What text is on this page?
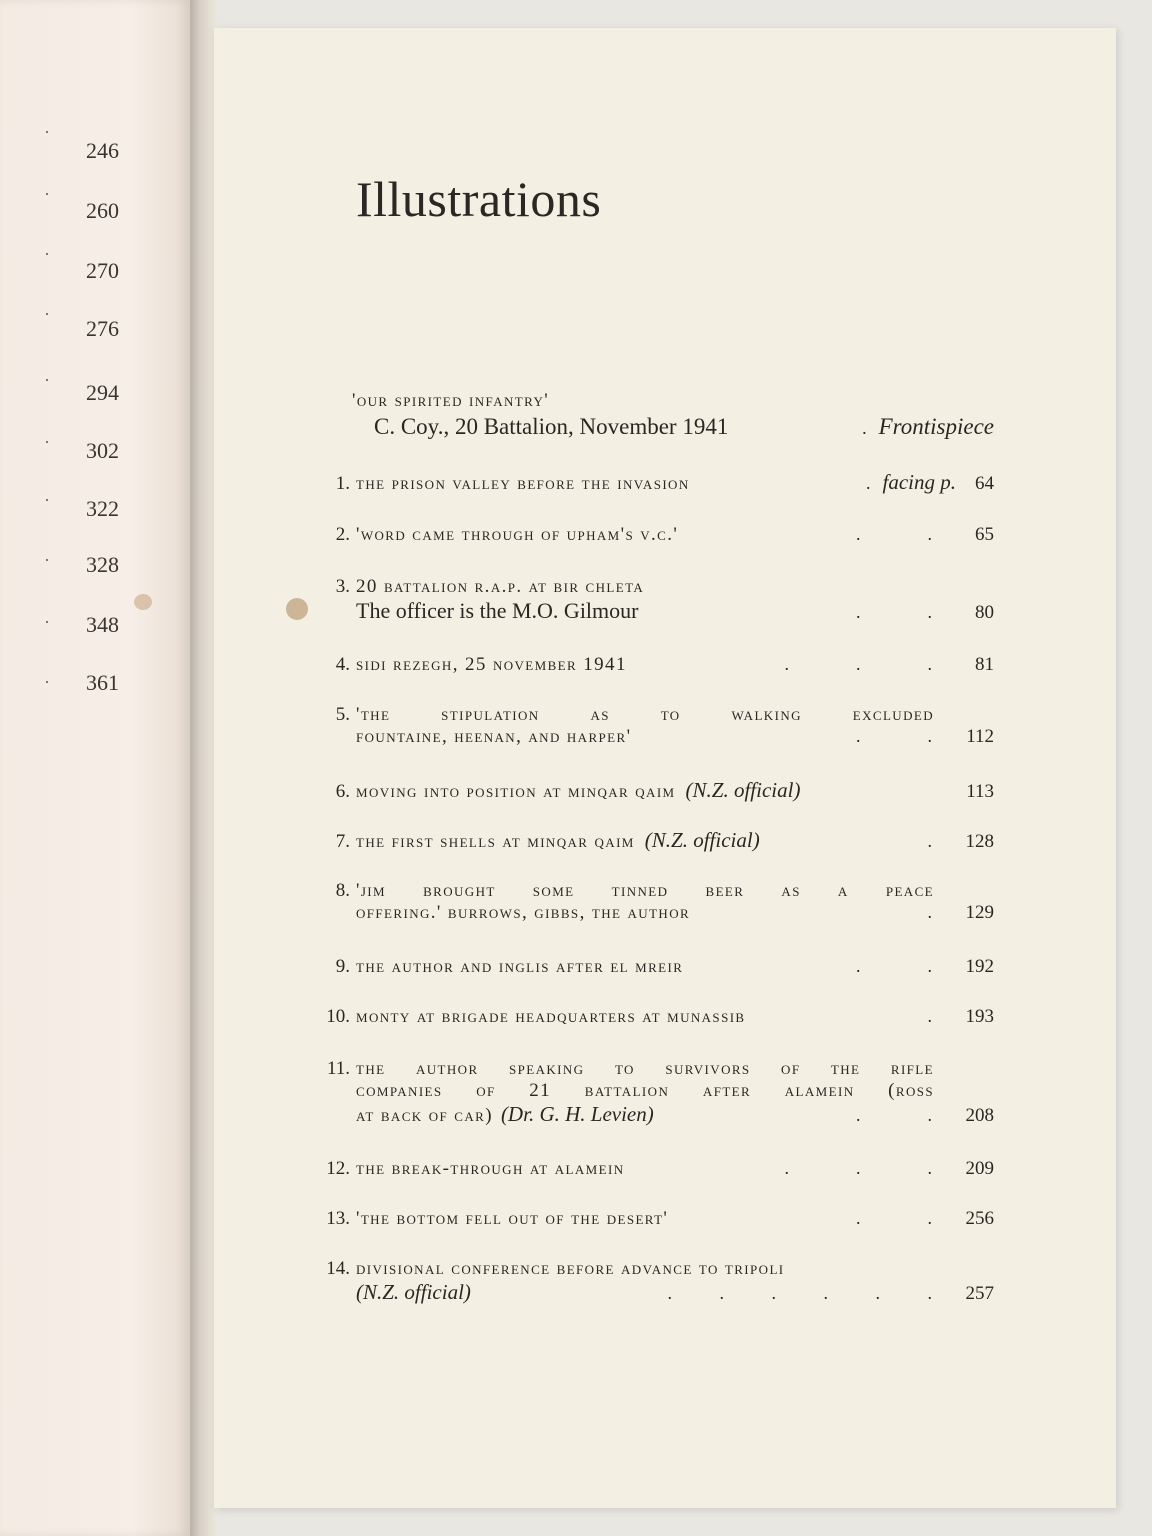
·
246
·
260
·
270
·
276
· 294
· 302
· 322
· 328
· 348
· 361
Illustrations
'our spirited infantry'
C. Coy., 20 Battalion, November 1941	. Frontispiece
1. the prison valley before the invasion	. facing p.	64
2. 'word came through of upham's v.c.'	.          .	65
3. 20 battalion r.a.p. at bir chleta
The officer is the M.O. Gilmour	.          .	80
4. sidi rezegh, 25 november 1941	.          .          .	81
5. 'the stipulation as to walking excluded
fountaine, heenan, and harper'	.          .	112
6. moving into position at minqar qaim (N.Z. official)	113
7. the first shells at minqar qaim (N.Z. official)	.	128
8. 'jim brought some tinned beer as a peace
offering.' burrows, gibbs, the author	.	129
9. the author and inglis after el mreir	.          .	192
10. monty at brigade headquarters at munassib	.	193
11. the author speaking to survivors of the rifle
companies of 21 battalion after alamein (ross
at back of car) (Dr. G. H. Levien)	.          .	208
12. the break-through at alamein	.          .          .	209
13. 'the bottom fell out of the desert'	.          .	256
14. divisional conference before advance to tripoli
(N.Z. official)	.       .       .       .       .       .	257
